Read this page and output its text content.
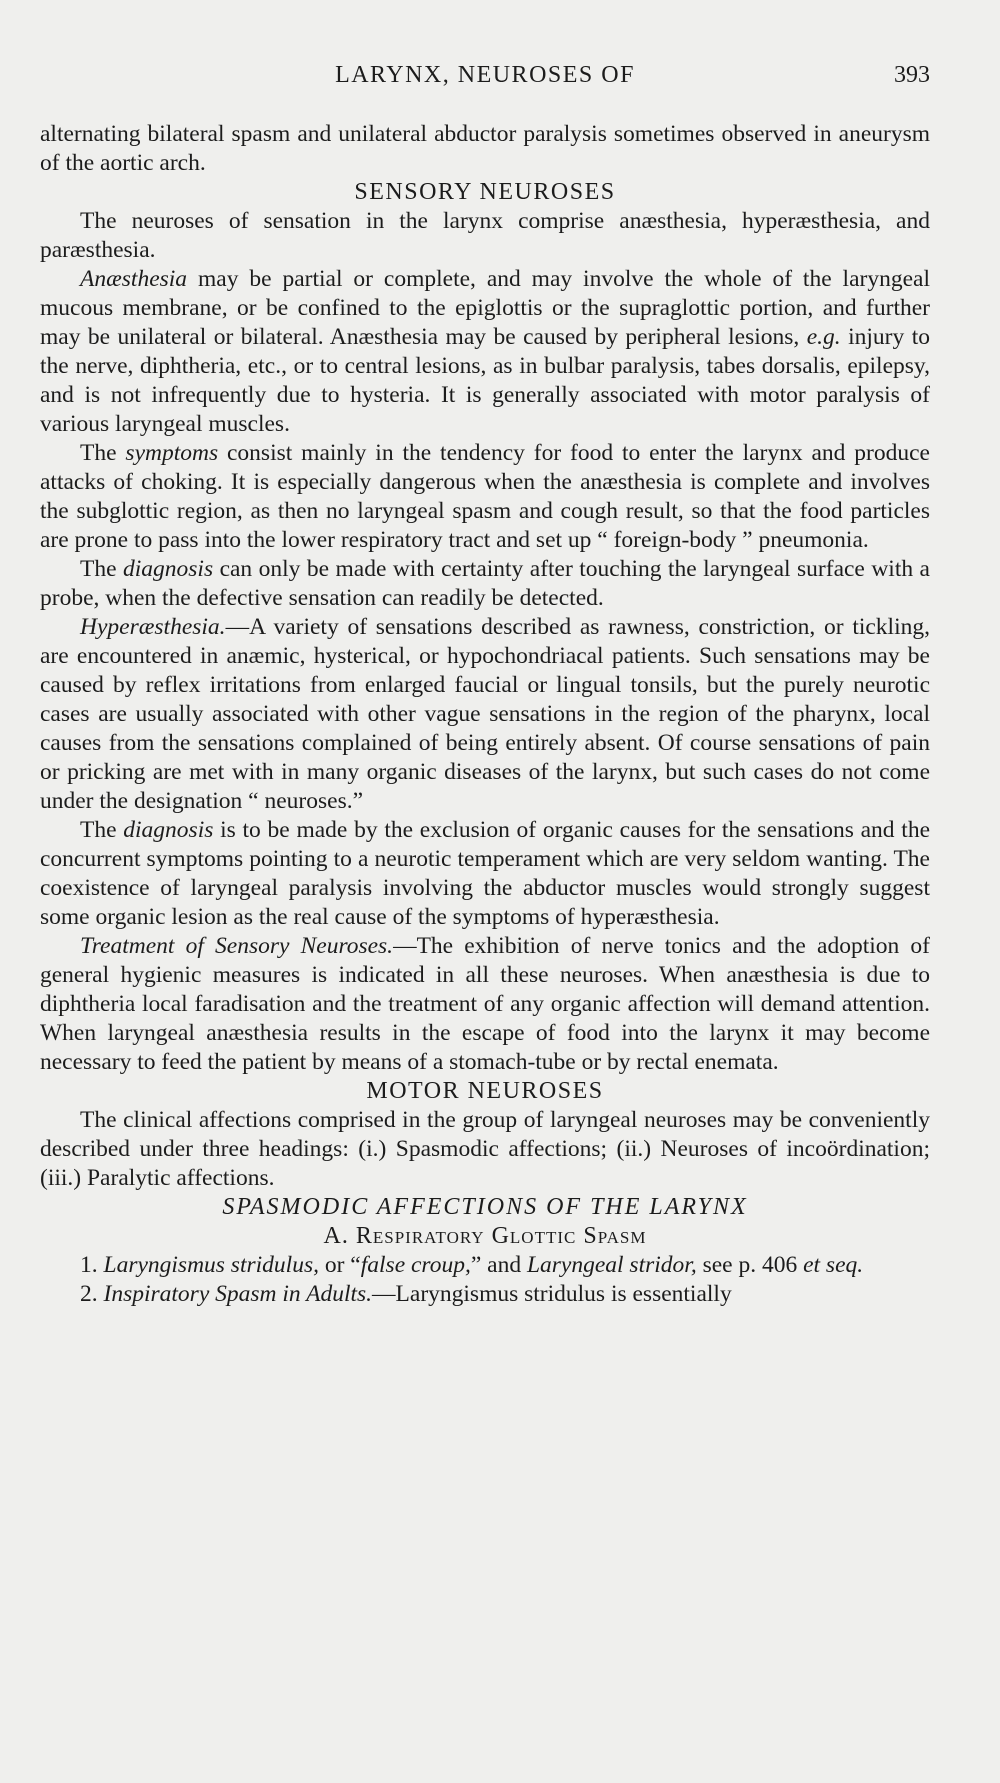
LARYNX, NEUROSES OF	393

alternating bilateral spasm and unilateral abductor paralysis sometimes observed in aneurysm of the aortic arch.

SENSORY NEUROSES

The neuroses of sensation in the larynx comprise anæsthesia, hyperæsthesia, and paræsthesia.

Anæsthesia may be partial or complete, and may involve the whole of the laryngeal mucous membrane, or be confined to the epiglottis or the supraglottic portion, and further may be unilateral or bilateral. Anæsthesia may be caused by peripheral lesions, e.g. injury to the nerve, diphtheria, etc., or to central lesions, as in bulbar paralysis, tabes dorsalis, epilepsy, and is not infrequently due to hysteria. It is generally associated with motor paralysis of various laryngeal muscles.

The symptoms consist mainly in the tendency for food to enter the larynx and produce attacks of choking. It is especially dangerous when the anæsthesia is complete and involves the subglottic region, as then no laryngeal spasm and cough result, so that the food particles are prone to pass into the lower respiratory tract and set up “ foreign-body ” pneumonia.

The diagnosis can only be made with certainty after touching the laryngeal surface with a probe, when the defective sensation can readily be detected.

Hyperæsthesia.—A variety of sensations described as rawness, constriction, or tickling, are encountered in anæmic, hysterical, or hypochondriacal patients. Such sensations may be caused by reflex irritations from enlarged faucial or lingual tonsils, but the purely neurotic cases are usually associated with other vague sensations in the region of the pharynx, local causes from the sensations complained of being entirely absent. Of course sensations of pain or pricking are met with in many organic diseases of the larynx, but such cases do not come under the designation “ neuroses.”

The diagnosis is to be made by the exclusion of organic causes for the sensations and the concurrent symptoms pointing to a neurotic temperament which are very seldom wanting. The coexistence of laryngeal paralysis involving the abductor muscles would strongly suggest some organic lesion as the real cause of the symptoms of hyperæsthesia.

Treatment of Sensory Neuroses.—The exhibition of nerve tonics and the adoption of general hygienic measures is indicated in all these neuroses. When anæsthesia is due to diphtheria local faradisation and the treatment of any organic affection will demand attention. When laryngeal anæsthesia results in the escape of food into the larynx it may become necessary to feed the patient by means of a stomach-tube or by rectal enemata.

MOTOR NEUROSES

The clinical affections comprised in the group of laryngeal neuroses may be conveniently described under three headings: (i.) Spasmodic affections; (ii.) Neuroses of incoördination; (iii.) Paralytic affections.

SPASMODIC AFFECTIONS OF THE LARYNX

A. Respiratory Glottic Spasm

1. Laryngismus stridulus, or “false croup,” and Laryngeal stridor, see p. 406 et seq.

2. Inspiratory Spasm in Adults.—Laryngismus stridulus is essentially
